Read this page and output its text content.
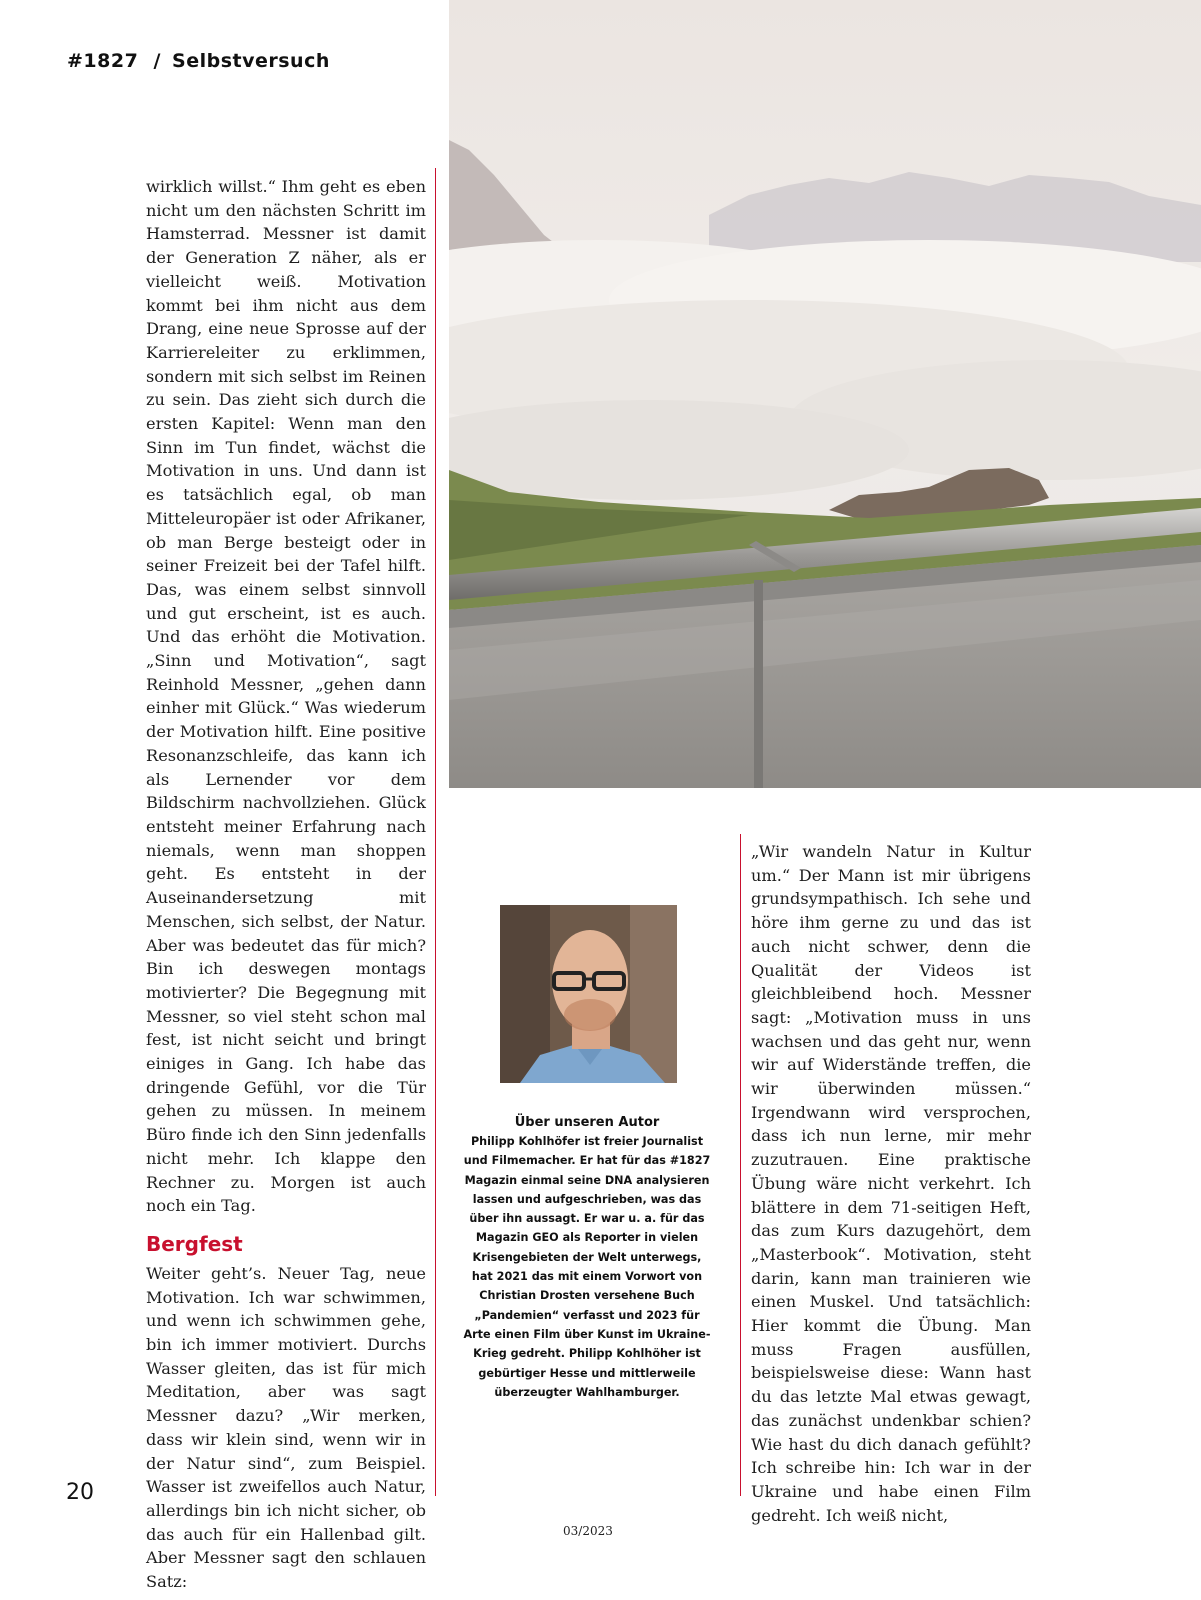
#1827 / Selbstversuch

wirklich willst.“ Ihm geht es eben nicht um den nächsten Schritt im Hamsterrad. Messner ist damit der Generation Z näher, als er vielleicht weiß. Motivation kommt bei ihm nicht aus dem Drang, eine neue Sprosse auf der Karriereleiter zu erklimmen, sondern mit sich selbst im Reinen zu sein. Das zieht sich durch die ersten Kapitel: Wenn man den Sinn im Tun findet, wächst die Motivation in uns. Und dann ist es tatsächlich egal, ob man Mitteleuropäer ist oder Afrikaner, ob man Berge besteigt oder in seiner Freizeit bei der Tafel hilft. Das, was einem selbst sinnvoll und gut erscheint, ist es auch. Und das erhöht die Motivation. „Sinn und Motivation“, sagt Reinhold Messner, „gehen dann einher mit Glück.“ Was wiederum der Motivation hilft. Eine positive Resonanzschleife, das kann ich als Lernender vor dem Bildschirm nachvollziehen. Glück entsteht meiner Erfahrung nach niemals, wenn man shoppen geht. Es entsteht in der Auseinandersetzung mit Menschen, sich selbst, der Natur. Aber was bedeutet das für mich? Bin ich deswegen montags motivierter? Die Begegnung mit Messner, so viel steht schon mal fest, ist nicht seicht und bringt einiges in Gang. Ich habe das dringende Gefühl, vor die Tür gehen zu müssen. In meinem Büro finde ich den Sinn jedenfalls nicht mehr. Ich klappe den Rechner zu. Morgen ist auch noch ein Tag.

Bergfest

Weiter geht’s. Neuer Tag, neue Motivation. Ich war schwimmen, und wenn ich schwimmen gehe, bin ich immer motiviert. Durchs Wasser gleiten, das ist für mich Meditation, aber was sagt Messner dazu? „Wir merken, dass wir klein sind, wenn wir in der Natur sind“, zum Beispiel. Wasser ist zweifellos auch Natur, allerdings bin ich nicht sicher, ob das auch für ein Hallenbad gilt. Aber Messner sagt den schlauen Satz:

„Wir wandeln Natur in Kultur um.“ Der Mann ist mir übrigens grundsympathisch. Ich sehe und höre ihm gerne zu und das ist auch nicht schwer, denn die Qualität der Videos ist gleichbleibend hoch. Messner sagt: „Motivation muss in uns wachsen und das geht nur, wenn wir auf Widerstände treffen, die wir überwinden müssen.“ Irgendwann wird versprochen, dass ich nun lerne, mir mehr zuzutrauen. Eine praktische Übung wäre nicht verkehrt. Ich blättere in dem 71-seitigen Heft, das zum Kurs dazugehört, dem „Masterbook“. Motivation, steht darin, kann man trainieren wie einen Muskel. Und tatsächlich: Hier kommt die Übung. Man muss Fragen ausfüllen, beispielsweise diese: Wann hast du das letzte Mal etwas gewagt, das zunächst undenkbar schien? Wie hast du dich danach gefühlt? Ich schreibe hin: Ich war in der Ukraine und habe einen Film gedreht. Ich weiß nicht,

Über unseren Autor
Philipp Kohlhöfer ist freier Journalist und Filmemacher. Er hat für das #1827 Magazin einmal seine DNA analysieren lassen und aufgeschrieben, was das über ihn aussagt. Er war u. a. für das Magazin GEO als Reporter in vielen Krisengebieten der Welt unterwegs, hat 2021 das mit einem Vorwort von Christian Drosten versehene Buch „Pandemien“ verfasst und 2023 für Arte einen Film über Kunst im Ukraine-Krieg gedreht. Philipp Kohlhöher ist gebürtiger Hesse und mittlerweile überzeugter Wahlhamburger.
20
03/2023
